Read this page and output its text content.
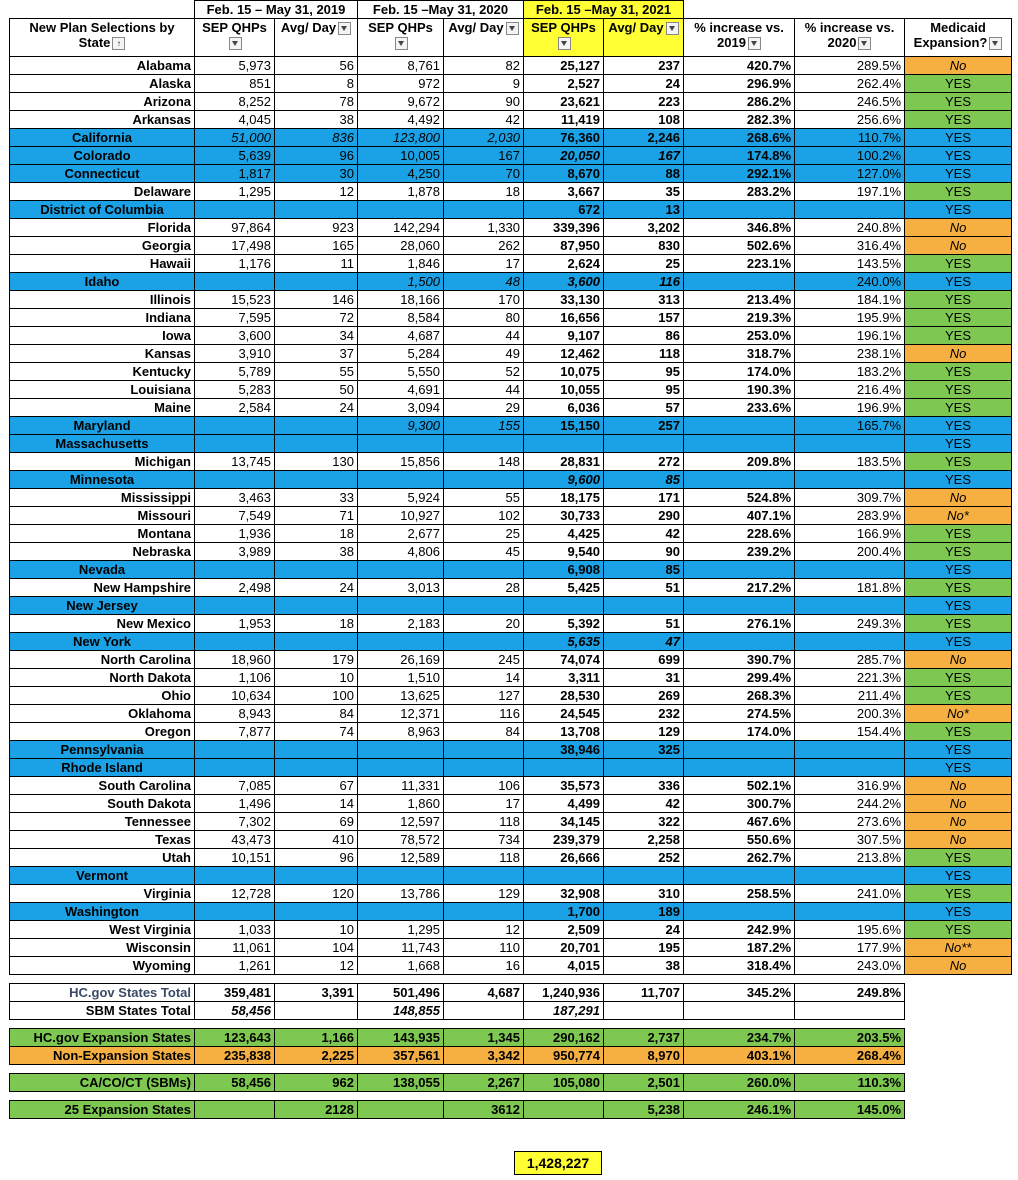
	Feb. 15 – May 31, 2019		Feb. 15 –May 31, 2020		Feb. 15 –May 31, 2021				
New Plan Selections by State ↑	SEP QHPs	Avg/ Day	SEP QHPs	Avg/ Day	SEP QHPs	Avg/ Day	% increase vs. 2019	% increase vs. 2020	Medicaid Expansion?
Alabama	5,973	56	8,761	82	25,127	237	420.7%	289.5%	No
Alaska	851	8	972	9	2,527	24	296.9%	262.4%	YES
Arizona	8,252	78	9,672	90	23,621	223	286.2%	246.5%	YES
Arkansas	4,045	38	4,492	42	11,419	108	282.3%	256.6%	YES
California	51,000	836	123,800	2,030	76,360	2,246	268.6%	110.7%	YES
Colorado	5,639	96	10,005	167	20,050	167	174.8%	100.2%	YES
Connecticut	1,817	30	4,250	70	8,670	88	292.1%	127.0%	YES
Delaware	1,295	12	1,878	18	3,667	35	283.2%	197.1%	YES
District of Columbia					672	13			YES
Florida	97,864	923	142,294	1,330	339,396	3,202	346.8%	240.8%	No
Georgia	17,498	165	28,060	262	87,950	830	502.6%	316.4%	No
Hawaii	1,176	11	1,846	17	2,624	25	223.1%	143.5%	YES
Idaho			1,500	48	3,600	116		240.0%	YES
Illinois	15,523	146	18,166	170	33,130	313	213.4%	184.1%	YES
Indiana	7,595	72	8,584	80	16,656	157	219.3%	195.9%	YES
Iowa	3,600	34	4,687	44	9,107	86	253.0%	196.1%	YES
Kansas	3,910	37	5,284	49	12,462	118	318.7%	238.1%	No
Kentucky	5,789	55	5,550	52	10,075	95	174.0%	183.2%	YES
Louisiana	5,283	50	4,691	44	10,055	95	190.3%	216.4%	YES
Maine	2,584	24	3,094	29	6,036	57	233.6%	196.9%	YES
Maryland			9,300	155	15,150	257		165.7%	YES
Massachusetts									YES
Michigan	13,745	130	15,856	148	28,831	272	209.8%	183.5%	YES
Minnesota					9,600	85			YES
Mississippi	3,463	33	5,924	55	18,175	171	524.8%	309.7%	No
Missouri	7,549	71	10,927	102	30,733	290	407.1%	283.9%	No*
Montana	1,936	18	2,677	25	4,425	42	228.6%	166.9%	YES
Nebraska	3,989	38	4,806	45	9,540	90	239.2%	200.4%	YES
Nevada					6,908	85			YES
New Hampshire	2,498	24	3,013	28	5,425	51	217.2%	181.8%	YES
New Jersey									YES
New Mexico	1,953	18	2,183	20	5,392	51	276.1%	249.3%	YES
New York					5,635	47			YES
North Carolina	18,960	179	26,169	245	74,074	699	390.7%	285.7%	No
North Dakota	1,106	10	1,510	14	3,311	31	299.4%	221.3%	YES
Ohio	10,634	100	13,625	127	28,530	269	268.3%	211.4%	YES
Oklahoma	8,943	84	12,371	116	24,545	232	274.5%	200.3%	No*
Oregon	7,877	74	8,963	84	13,708	129	174.0%	154.4%	YES
Pennsylvania					38,946	325			YES
Rhode Island									YES
South Carolina	7,085	67	11,331	106	35,573	336	502.1%	316.9%	No
South Dakota	1,496	14	1,860	17	4,499	42	300.7%	244.2%	No
Tennessee	7,302	69	12,597	118	34,145	322	467.6%	273.6%	No
Texas	43,473	410	78,572	734	239,379	2,258	550.6%	307.5%	No
Utah	10,151	96	12,589	118	26,666	252	262.7%	213.8%	YES
Vermont									YES
Virginia	12,728	120	13,786	129	32,908	310	258.5%	241.0%	YES
Washington					1,700	189			YES
West Virginia	1,033	10	1,295	12	2,509	24	242.9%	195.6%	YES
Wisconsin	11,061	104	11,743	110	20,701	195	187.2%	177.9%	No**
Wyoming	1,261	12	1,668	16	4,015	38	318.4%	243.0%	No

HC.gov States Total	359,481	3,391	501,496	4,687	1,240,936	11,707	345.2%	249.8%	
SBM States Total	58,456		148,855		187,291				

HC.gov Expansion States	123,643	1,166	143,935	1,345	290,162	2,737	234.7%	203.5%	
Non-Expansion States	235,838	2,225	357,561	3,342	950,774	8,970	403.1%	268.4%	

CA/CO/CT (SBMs)	58,456	962	138,055	2,267	105,080	2,501	260.0%	110.3%	

25 Expansion States		2128		3612		5,238	246.1%	145.0%	
1,428,227
